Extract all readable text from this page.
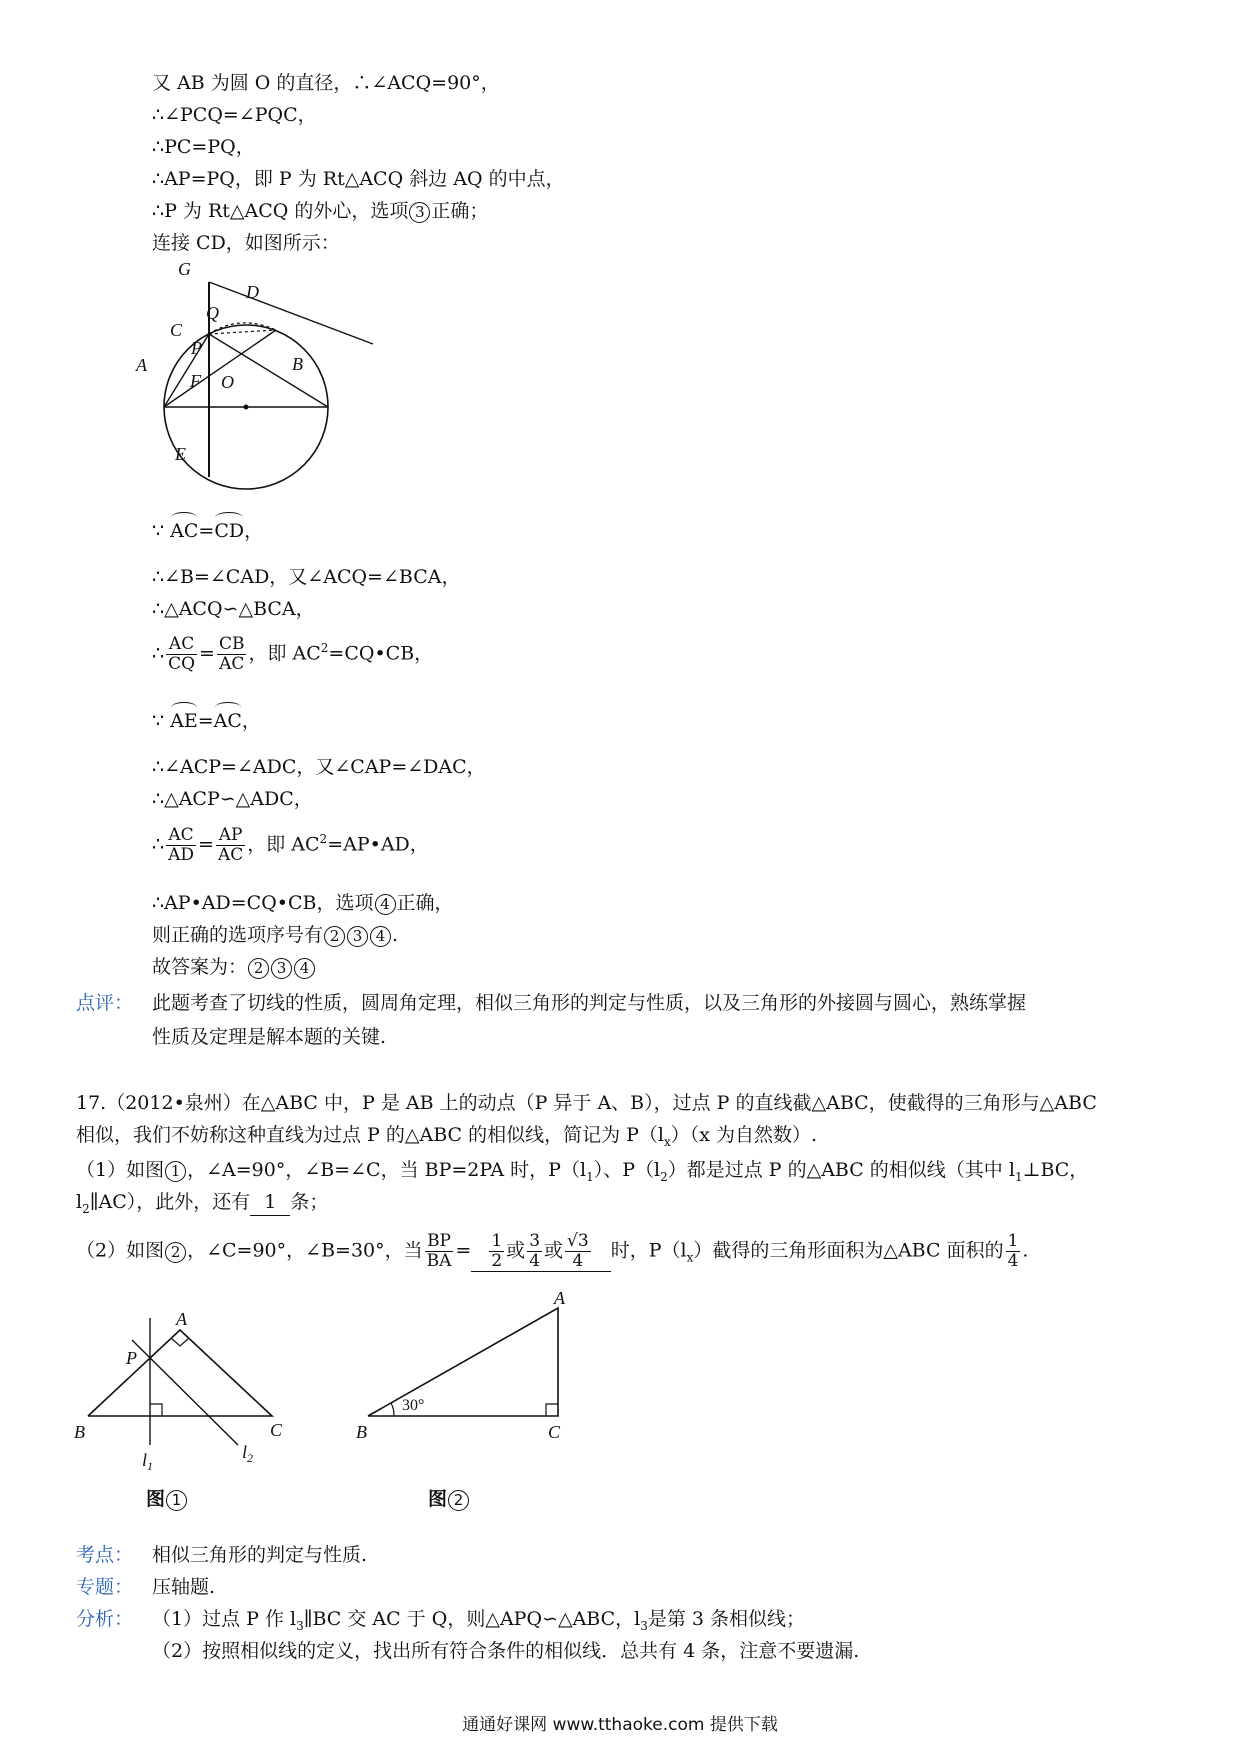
又 AB 为圆 O 的直径，∴∠ACQ=90°，
∴∠PCQ=∠PQC，
∴PC=PQ，
∴AP=PQ，即 P 为 Rt△ACQ 斜边 AQ 的中点，
∴P 为 Rt△ACQ 的外心，选项 3 正确；
连接 CD，如图所示：
G
C
D
Q
A
P
B
F O
E
∵ AC=CD，
∴∠B=∠CAD，又∠ACQ=∠BCA，
∴△ACQ∽△BCA，
∴ $\frac{AC}{CQ} = \frac{CB}{AC}$ ，即 $AC^2=CQ•CB$，
∵ AE=AC，
∴∠ACP=∠ADC，又∠CAP=∠DAC，
∴△ACP∽△ADC，
∴ $\frac{AC}{AD} = \frac{AP}{AC}$ ，即 $AC^2=AP•AD$，
∴AP•AD=CQ•CB，选项 4 正确，
则正确的选项序号有 2 3 4 .
故答案为： 2 3 4
点评： 此题考查了切线的性质，圆周角定理，相似三角形的判定与性质，以及三角形的外接圆与圆心，熟练掌握
性质及定理是解本题的关键.
17.（2012•泉州）在△ABC 中，P 是 AB 上的动点（P 异于 A、B），过点 P 的直线截△ABC，使截得的三角形与△ABC
相似，我们不妨称这种直线为过点 P 的△ABC 的相似线，简记为 $P(l_x)(x$ 为自然数）.
（1）如图 1 ，∠A=90°，∠B=∠C，当 BP=2PA 时，$P(l_1)$、$P(l_2)$都是过点 P 的△ABC 的相似线（其中 $l_1\perp BC$，
$l_2\parallel AC$），此外，还有 1 条；
（2）如图 2 ，∠C=90°，∠B=30°，当 $\frac{BP}{BA} = \frac{1}{2}$ 或 $\frac{3}{4}$ 或 $\frac{√3}{4}$ 时，$P(l_x)$截得的三角形面积为△ABC 面积的 $\frac{1}{4}$ .
A
P
B	C
$l_1$
$l_2$
图 1
A
B	C
30°
图 2
考点： 相似三角形的判定与性质.
专题： 压轴题.
分析： （1）过点 P 作 $l_3\parallel BC$ 交 AC 于 Q，则△APQ∽△ABC，$l_3$是第 3 条相似线；
（2）按照相似线的定义，找出所有符合条件的相似线．总共有 4 条，注意不要遗漏.
通通好课网 www.tthaoke.com 提供下载
